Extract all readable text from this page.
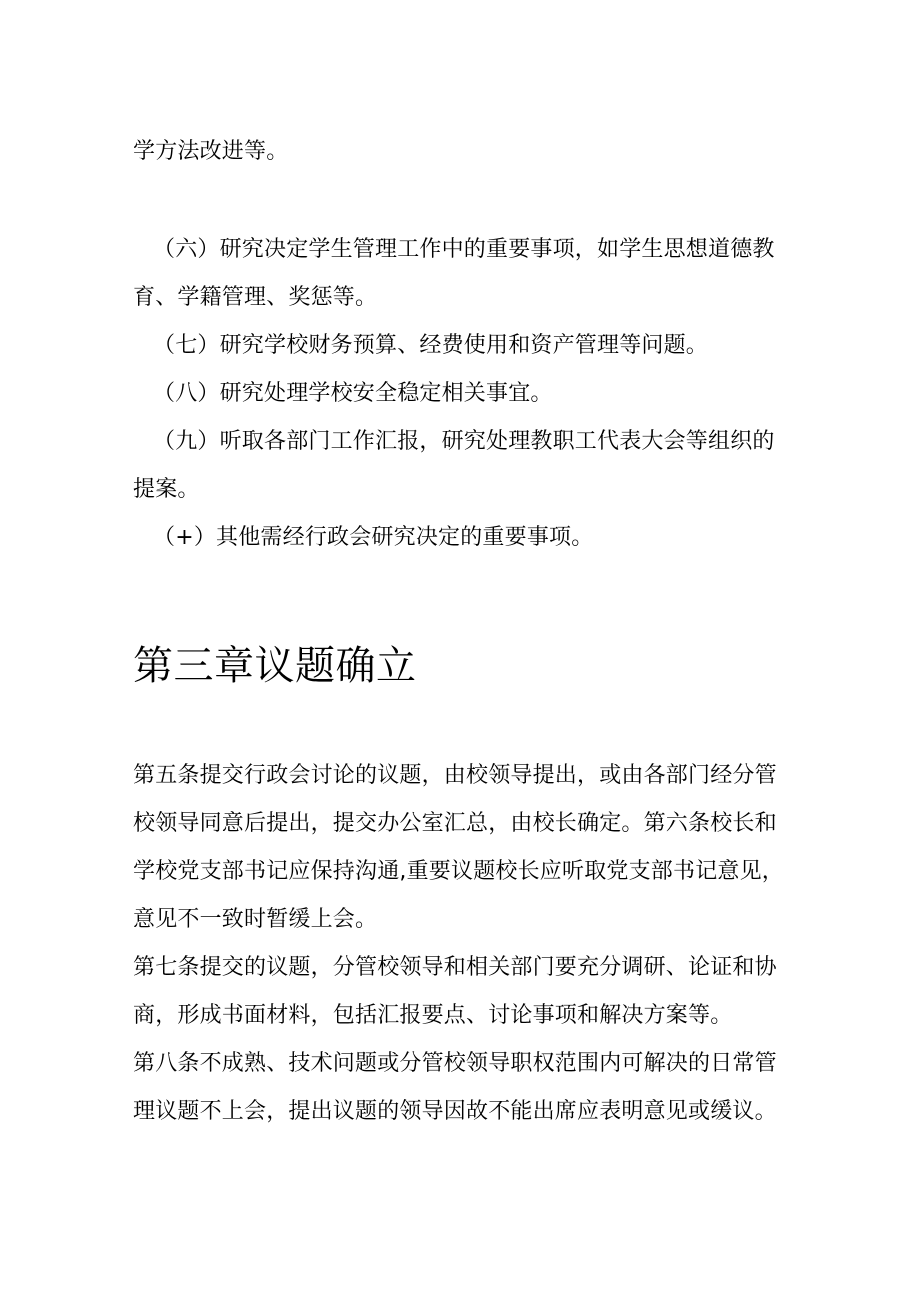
学方法改进等。

（六）研究决定学生管理工作中的重要事项，如学生思想道德教育、学籍管理、奖惩等。

（七）研究学校财务预算、经费使用和资产管理等问题。

（八）研究处理学校安全稳定相关事宜。

（九）听取各部门工作汇报，研究处理教职工代表大会等组织的提案。

（+）其他需经行政会研究决定的重要事项。

第三章议题确立

第五条提交行政会讨论的议题，由校领导提出，或由各部门经分管校领导同意后提出，提交办公室汇总，由校长确定。第六条校长和学校党支部书记应保持沟通,重要议题校长应听取党支部书记意见，意见不一致时暂缓上会。

第七条提交的议题，分管校领导和相关部门要充分调研、论证和协商，形成书面材料，包括汇报要点、讨论事项和解决方案等。

第八条不成熟、技术问题或分管校领导职权范围内可解决的日常管理议题不上会，提出议题的领导因故不能出席应表明意见或缓议。
